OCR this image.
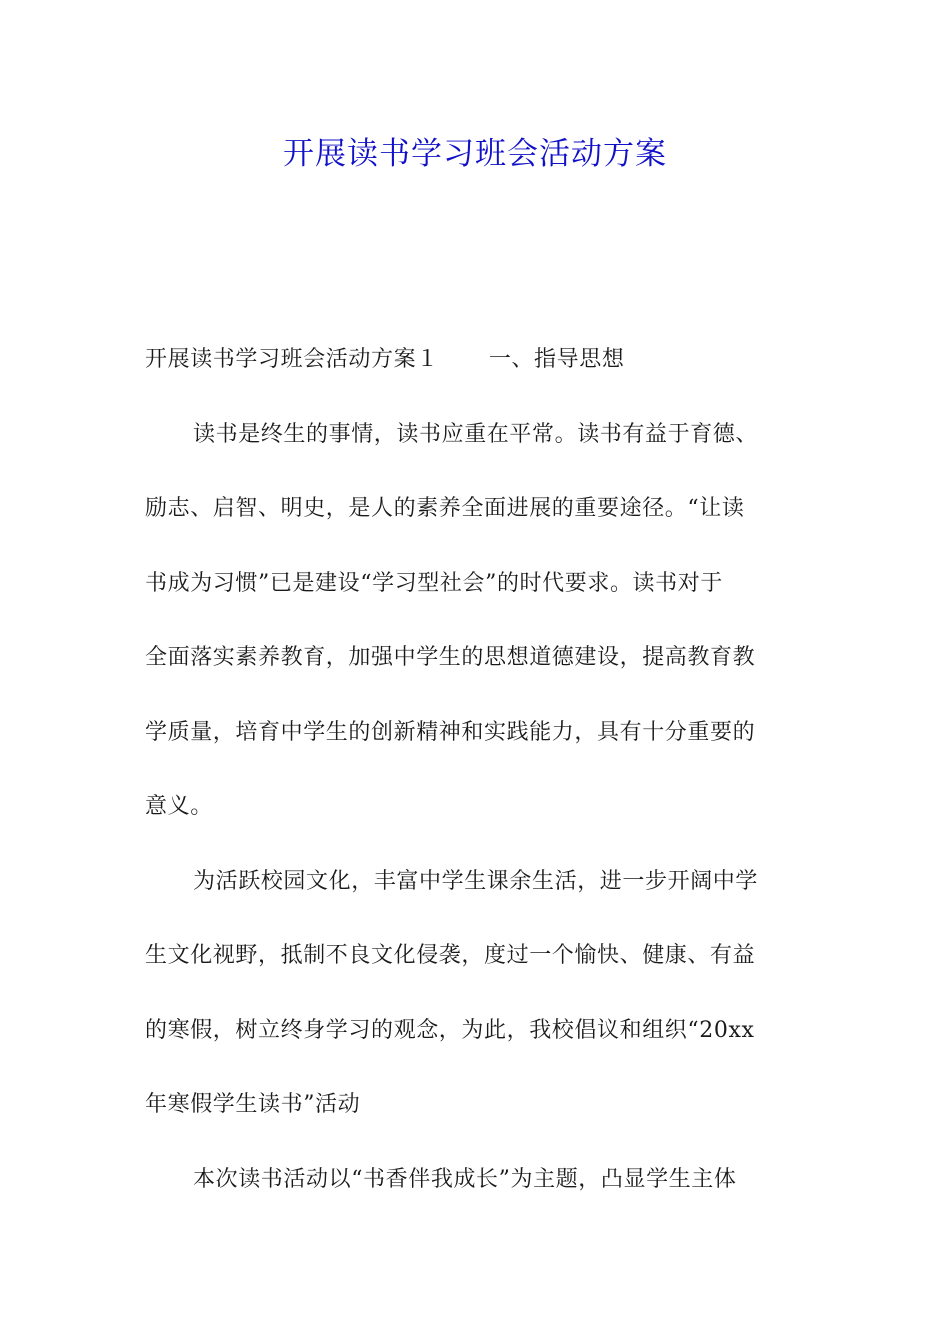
开展读书学习班会活动方案
开展读书学习班会活动方案１ 一、指导思想
读书是终生的事情，读书应重在平常。读书有益于育德、
励志、启智、明史，是人的素养全面进展的重要途径。“让读
书成为习惯”已是建设“学习型社会”的时代要求。读书对于
全面落实素养教育，加强中学生的思想道德建设，提高教育教
学质量，培育中学生的创新精神和实践能力，具有十分重要的
意义。
为活跃校园文化，丰富中学生课余生活，进一步开阔中学
生文化视野，抵制不良文化侵袭，度过一个愉快、健康、有益
的寒假，树立终身学习的观念，为此，我校倡议和组织“20xx
年寒假学生读书”活动
本次读书活动以“书香伴我成长”为主题，凸显学生主体
